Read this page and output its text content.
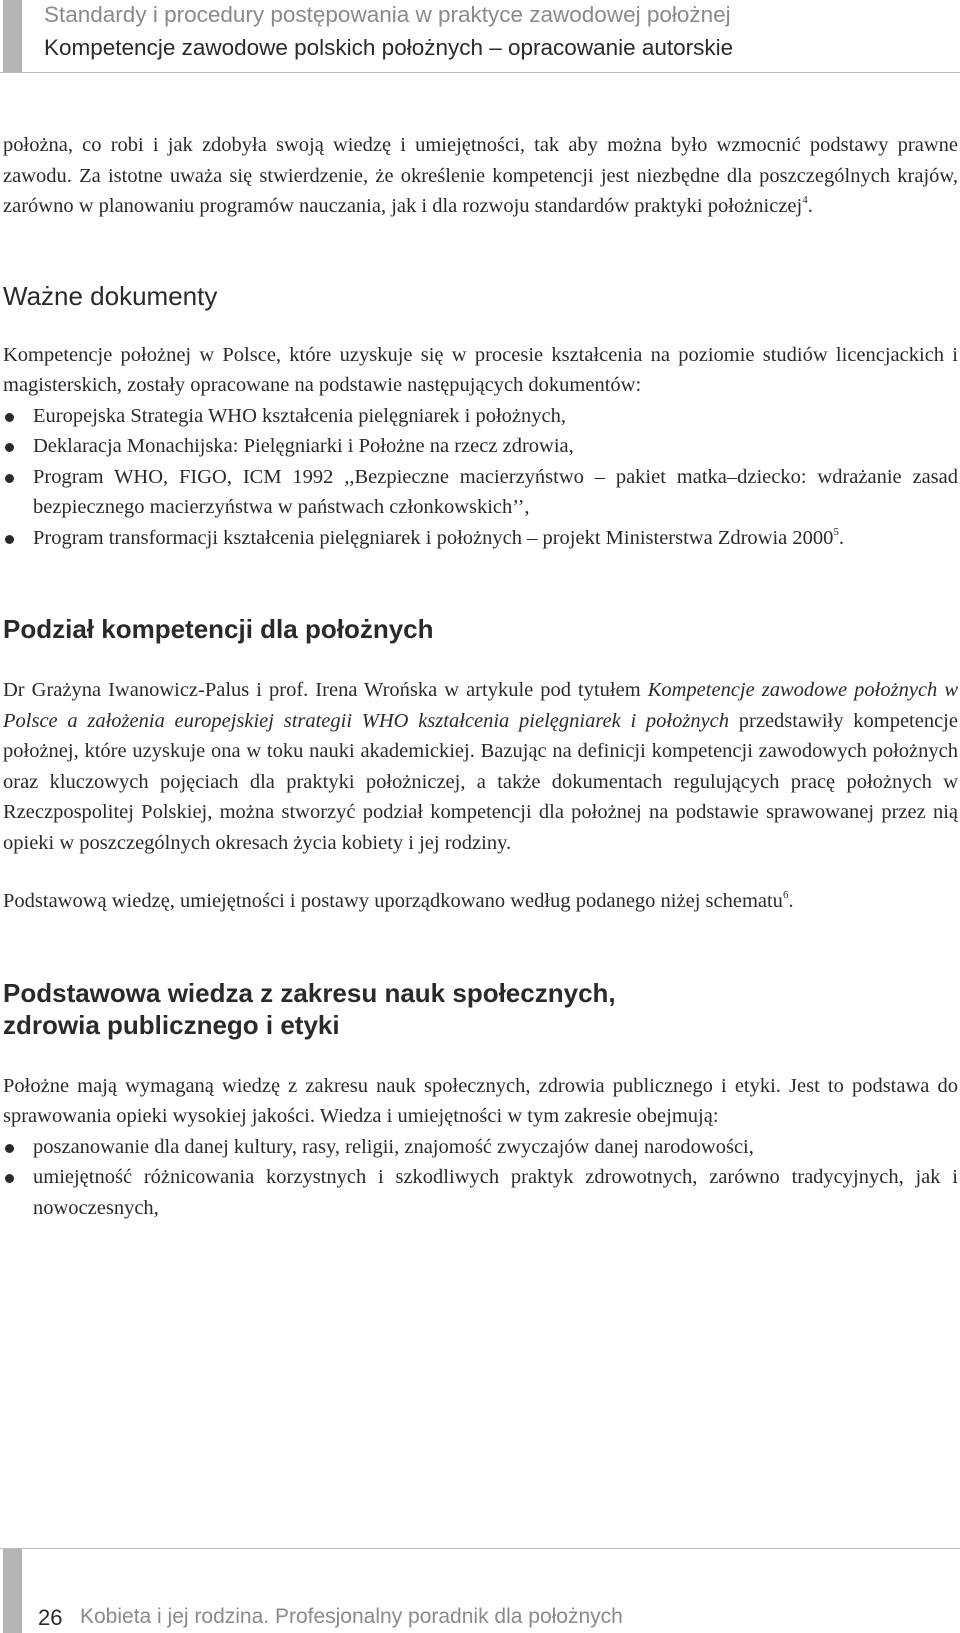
Standardy i procedury postępowania w praktyce zawodowej położnej
Kompetencje zawodowe polskich położnych – opracowanie autorskie

położna, co robi i jak zdobyła swoją wiedzę i umiejętności, tak aby można było wzmocnić podstawy prawne zawodu. Za istotne uważa się stwierdzenie, że określenie kompetencji jest niezbędne dla poszczególnych krajów, zarówno w planowaniu programów nauczania, jak i dla rozwoju standardów praktyki położniczej$^4$.

Ważne dokumenty

Kompetencje położnej w Polsce, które uzyskuje się w procesie kształcenia na poziomie studiów licencjackich i magisterskich, zostały opracowane na podstawie następujących dokumentów:

Europejska Strategia WHO kształcenia pielęgniarek i położnych,
Deklaracja Monachijska: Pielęgniarki i Położne na rzecz zdrowia,
Program WHO, FIGO, ICM 1992 ,,Bezpieczne macierzyństwo – pakiet matka–dziecko: wdrażanie zasad bezpiecznego macierzyństwa w państwach członkowskich’’,
Program transformacji kształcenia pielęgniarek i położnych – projekt Ministerstwa Zdrowia 2000$^5$.
Podział kompetencji dla położnych

Dr Grażyna Iwanowicz-Palus i prof. Irena Wrońska w artykule pod tytułem Kompetencje zawodowe położnych w Polsce a założenia europejskiej strategii WHO kształcenia pielęgniarek i położnych przedstawiły kompetencje położnej, które uzyskuje ona w toku nauki akademickiej. Bazując na definicji kompetencji zawodowych położnych oraz kluczowych pojęciach dla praktyki położniczej, a także dokumentach regulujących pracę położnych w Rzeczpospolitej Polskiej, można stworzyć podział kompetencji dla położnej na podstawie sprawowanej przez nią opieki w poszczególnych okresach życia kobiety i jej rodziny.

Podstawową wiedzę, umiejętności i postawy uporządkowano według podanego niżej schematu$^6$.

Podstawowa wiedza z zakresu nauk społecznych,
zdrowia publicznego i etyki

Położne mają wymaganą wiedzę z zakresu nauk społecznych, zdrowia publicznego i etyki. Jest to podstawa do sprawowania opieki wysokiej jakości. Wiedza i umiejętności w tym zakresie obejmują:

poszanowanie dla danej kultury, rasy, religii, znajomość zwyczajów danej narodowości,
umiejętność różnicowania korzystnych i szkodliwych praktyk zdrowotnych, zarówno tradycyjnych, jak i nowoczesnych,
26 Kobieta i jej rodzina. Profesjonalny poradnik dla położnych
